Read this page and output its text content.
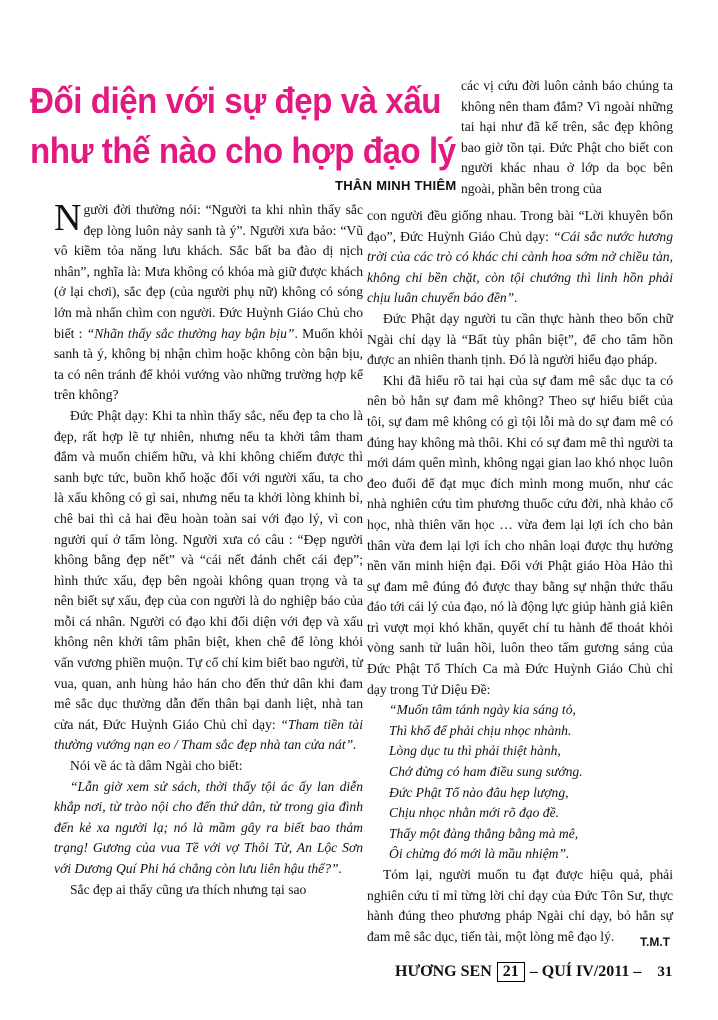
Đối diện với sự đẹp và xấu
như thế nào cho hợp đạo lý
THÂN MINH THIÊM

các vị cứu đời luôn cảnh báo chúng ta không nên tham đắm? Vì ngoài những tai hại như đã kể trên, sắc đẹp không bao giờ tồn tại. Đức Phật cho biết con người khác nhau ở lớp da bọc bên ngoài, phần bên trong của

Người đời thường nói: “Người ta khi nhìn thấy sắc đẹp lòng luôn nảy sanh tà ý”. Người xưa bảo: “Vũ vô kiềm tỏa năng lưu khách. Sắc bất ba đào dị nịch nhân”, nghĩa là: Mưa không có khóa mà giữ được khách (ở lại chơi), sắc đẹp (của người phụ nữ) không có sóng lớn mà nhấn chìm con người. Đức Huỳnh Giáo Chủ cho biết : “Nhãn thấy sắc thường hay bận bịu”. Muốn khỏi sanh tà ý, không bị nhận chìm hoặc không còn bận bịu, ta có nên tránh để khỏi vướng vào những trường hợp kể trên không?

Đức Phật dạy: Khi ta nhìn thấy sắc, nếu đẹp ta cho là đẹp, rất hợp lẽ tự nhiên, nhưng nếu ta khởi tâm tham đắm và muốn chiếm hữu, và khi không chiếm được thì sanh bực tức, buồn khổ hoặc đối với người xấu, ta cho là xấu không có gì sai, nhưng nếu ta khởi lòng khinh bỉ, chê bai thì cả hai đều hoàn toàn sai với đạo lý, vì con người quí ở tấm lòng. Người xưa có câu : “Đẹp người không bằng đẹp nết” và “cái nết đánh chết cái đẹp”; hình thức xấu, đẹp bên ngoài không quan trọng và ta nên biết sự xấu, đẹp của con người là do nghiệp báo của mỗi cá nhân. Người có đạo khi đối diện với đẹp và xấu không nên khởi tâm phân biệt, khen chê để lòng khỏi vấn vương phiền muộn. Tự cổ chí kim biết bao người, từ vua, quan, anh hùng hảo hán cho đến thứ dân khi đam mê sắc dục thường dẫn đến thân bại danh liệt, nhà tan cửa nát, Đức Huỳnh Giáo Chủ chỉ dạy: “Tham tiền tài thường vướng nạn eo / Tham sắc đẹp nhà tan cửa nát”.

Nói về ác tà dâm Ngài cho biết:

“Lẫn giờ xem sử sách, thời thấy tội ác ấy lan diễn khắp nơi, từ trào nội cho đến thứ dân, từ trong gia đình đến kẻ xa người lạ; nó là mầm gây ra biết bao thảm trạng! Gương của vua Tề với vợ Thôi Tử, An Lộc Sơn với Dương Quí Phi há chẳng còn lưu liên hậu thế?”.

Sắc đẹp ai thấy cũng ưa thích nhưng tại sao

con người đều giống nhau. Trong bài “Lời khuyên bổn đạo”, Đức Huỳnh Giáo Chủ dạy: “Cái sắc nước hương trời của các trò có khác chi cành hoa sớm nở chiều tàn, không chi bền chặt, còn tội chướng thì linh hồn phải chịu luân chuyển báo đền”.

Đức Phật dạy người tu cần thực hành theo bốn chữ Ngài chỉ dạy là “Bất tùy phân biệt”, để cho tâm hồn được an nhiên thanh tịnh. Đó là người hiểu đạo pháp.

Khi đã hiểu rõ tai hại của sự đam mê sắc dục ta có nên bỏ hẳn sự đam mê không? Theo sự hiểu biết của tôi, sự đam mê không có gì tội lỗi mà do sự đam mê có đúng hay không mà thôi. Khi có sự đam mê thì người ta mới dám quên mình, không ngại gian lao khó nhọc luôn đeo đuổi để đạt mục đích mình mong muốn, như các nhà nghiên cứu tìm phương thuốc cứu đời, nhà khảo cổ học, nhà thiên văn học … vừa đem lại lợi ích cho bản thân vừa đem lại lợi ích cho nhân loại được thụ hưởng nền văn minh hiện đại. Đối với Phật giáo Hòa Hảo thì sự đam mê đúng đó được thay bằng sự nhận thức thấu đáo tới cái lý của đạo, nó là động lực giúp hành giả kiên trì vượt mọi khó khăn, quyết chí tu hành để thoát khỏi vòng sanh tử luân hồi, luôn theo tấm gương sáng của Đức Phật Tổ Thích Ca mà Đức Huỳnh Giáo Chủ chỉ dạy trong Tứ Diệu Đề:

“Muốn tâm tánh ngày kia sáng tỏ,
Thì khổ để phải chịu nhọc nhành.
Lòng dục tu thì phải thiệt hành,
Chớ đừng có ham điều sung sướng.
Đức Phật Tổ nào đâu hẹp lượng,
Chịu nhọc nhằn mới rõ đạo đề.
Thấy một đàng thẳng bằng mà mê,
Ôi chừng đó mới là mầu nhiệm”.

Tóm lại, người muốn tu đạt được hiệu quả, phải nghiên cứu tỉ mỉ từng lời chỉ dạy của Đức Tôn Sư, thực hành đúng theo phương pháp Ngài chỉ dạy, bỏ hẳn sự đam mê sắc dục, tiến tài, một lòng mê đạo lý.	T.M.T
HƯƠNG SEN 21 – QUÍ IV/2011 – 31
